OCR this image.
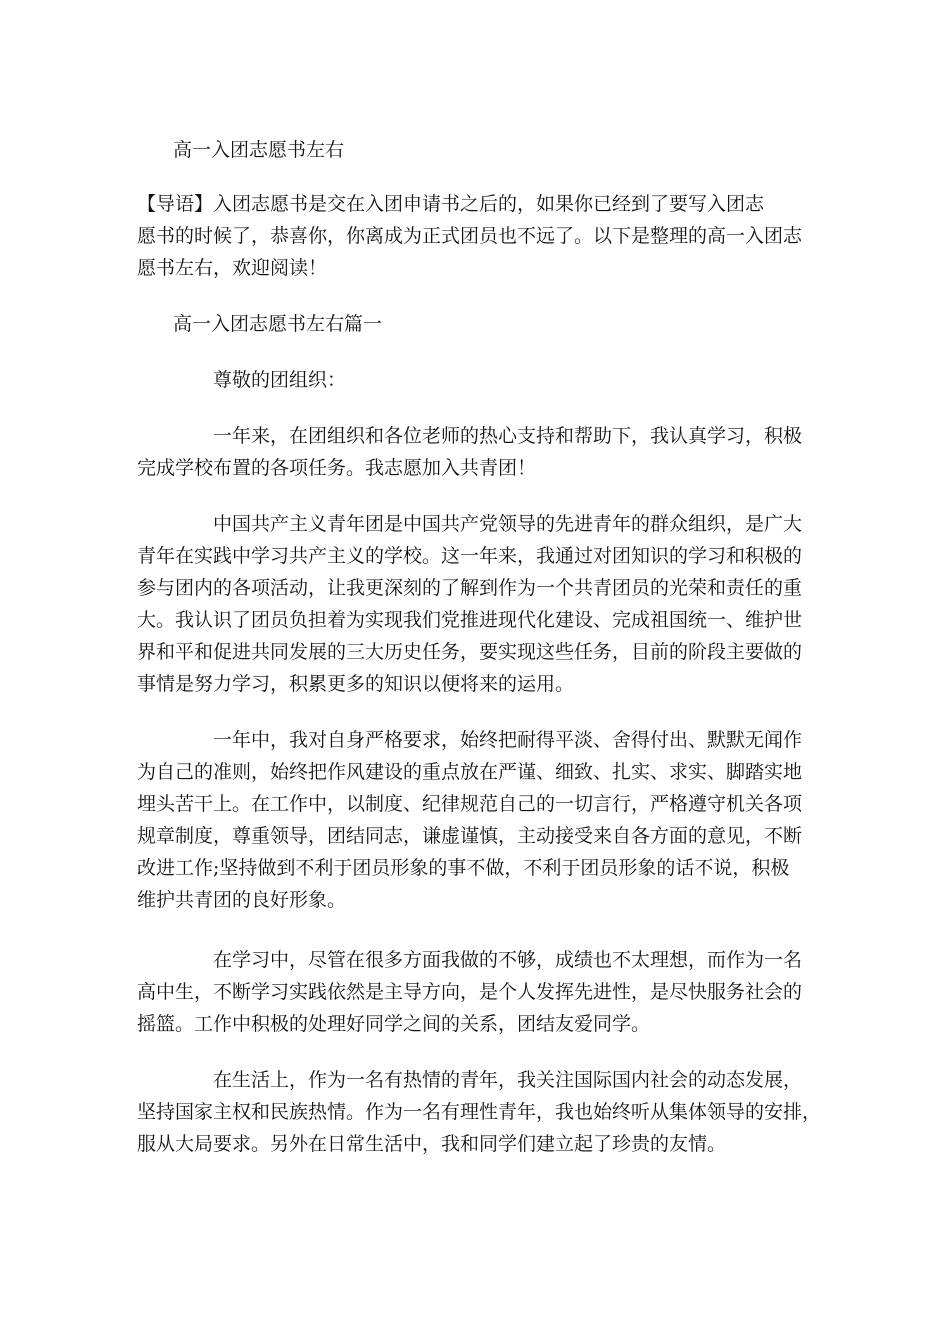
高一入团志愿书左右

【导语】入团志愿书是交在入团申请书之后的，如果你已经到了要写入团志
愿书的时候了，恭喜你，你离成为正式团员也不远了。以下是整理的高一入团志
愿书左右，欢迎阅读！

高一入团志愿书左右篇一

尊敬的团组织：

一年来，在团组织和各位老师的热心支持和帮助下，我认真学习，积极
完成学校布置的各项任务。我志愿加入共青团！

中国共产主义青年团是中国共产党领导的先进青年的群众组织，是广大
青年在实践中学习共产主义的学校。这一年来，我通过对团知识的学习和积极的
参与团内的各项活动，让我更深刻的了解到作为一个共青团员的光荣和责任的重
大。我认识了团员负担着为实现我们党推进现代化建设、完成祖国统一、维护世
界和平和促进共同发展的三大历史任务，要实现这些任务，目前的阶段主要做的
事情是努力学习，积累更多的知识以便将来的运用。

一年中，我对自身严格要求，始终把耐得平淡、舍得付出、默默无闻作
为自己的准则，始终把作风建设的重点放在严谨、细致、扎实、求实、脚踏实地
埋头苦干上。在工作中，以制度、纪律规范自己的一切言行，严格遵守机关各项
规章制度，尊重领导，团结同志，谦虚谨慎，主动接受来自各方面的意见，不断
改进工作;坚持做到不利于团员形象的事不做，不利于团员形象的话不说，积极
维护共青团的良好形象。

在学习中，尽管在很多方面我做的不够，成绩也不太理想，而作为一名
高中生，不断学习实践依然是主导方向，是个人发挥先进性，是尽快服务社会的
摇篮。工作中积极的处理好同学之间的关系，团结友爱同学。

在生活上，作为一名有热情的青年，我关注国际国内社会的动态发展，
坚持国家主权和民族热情。作为一名有理性青年，我也始终听从集体领导的安排，
服从大局要求。另外在日常生活中，我和同学们建立起了珍贵的友情。
